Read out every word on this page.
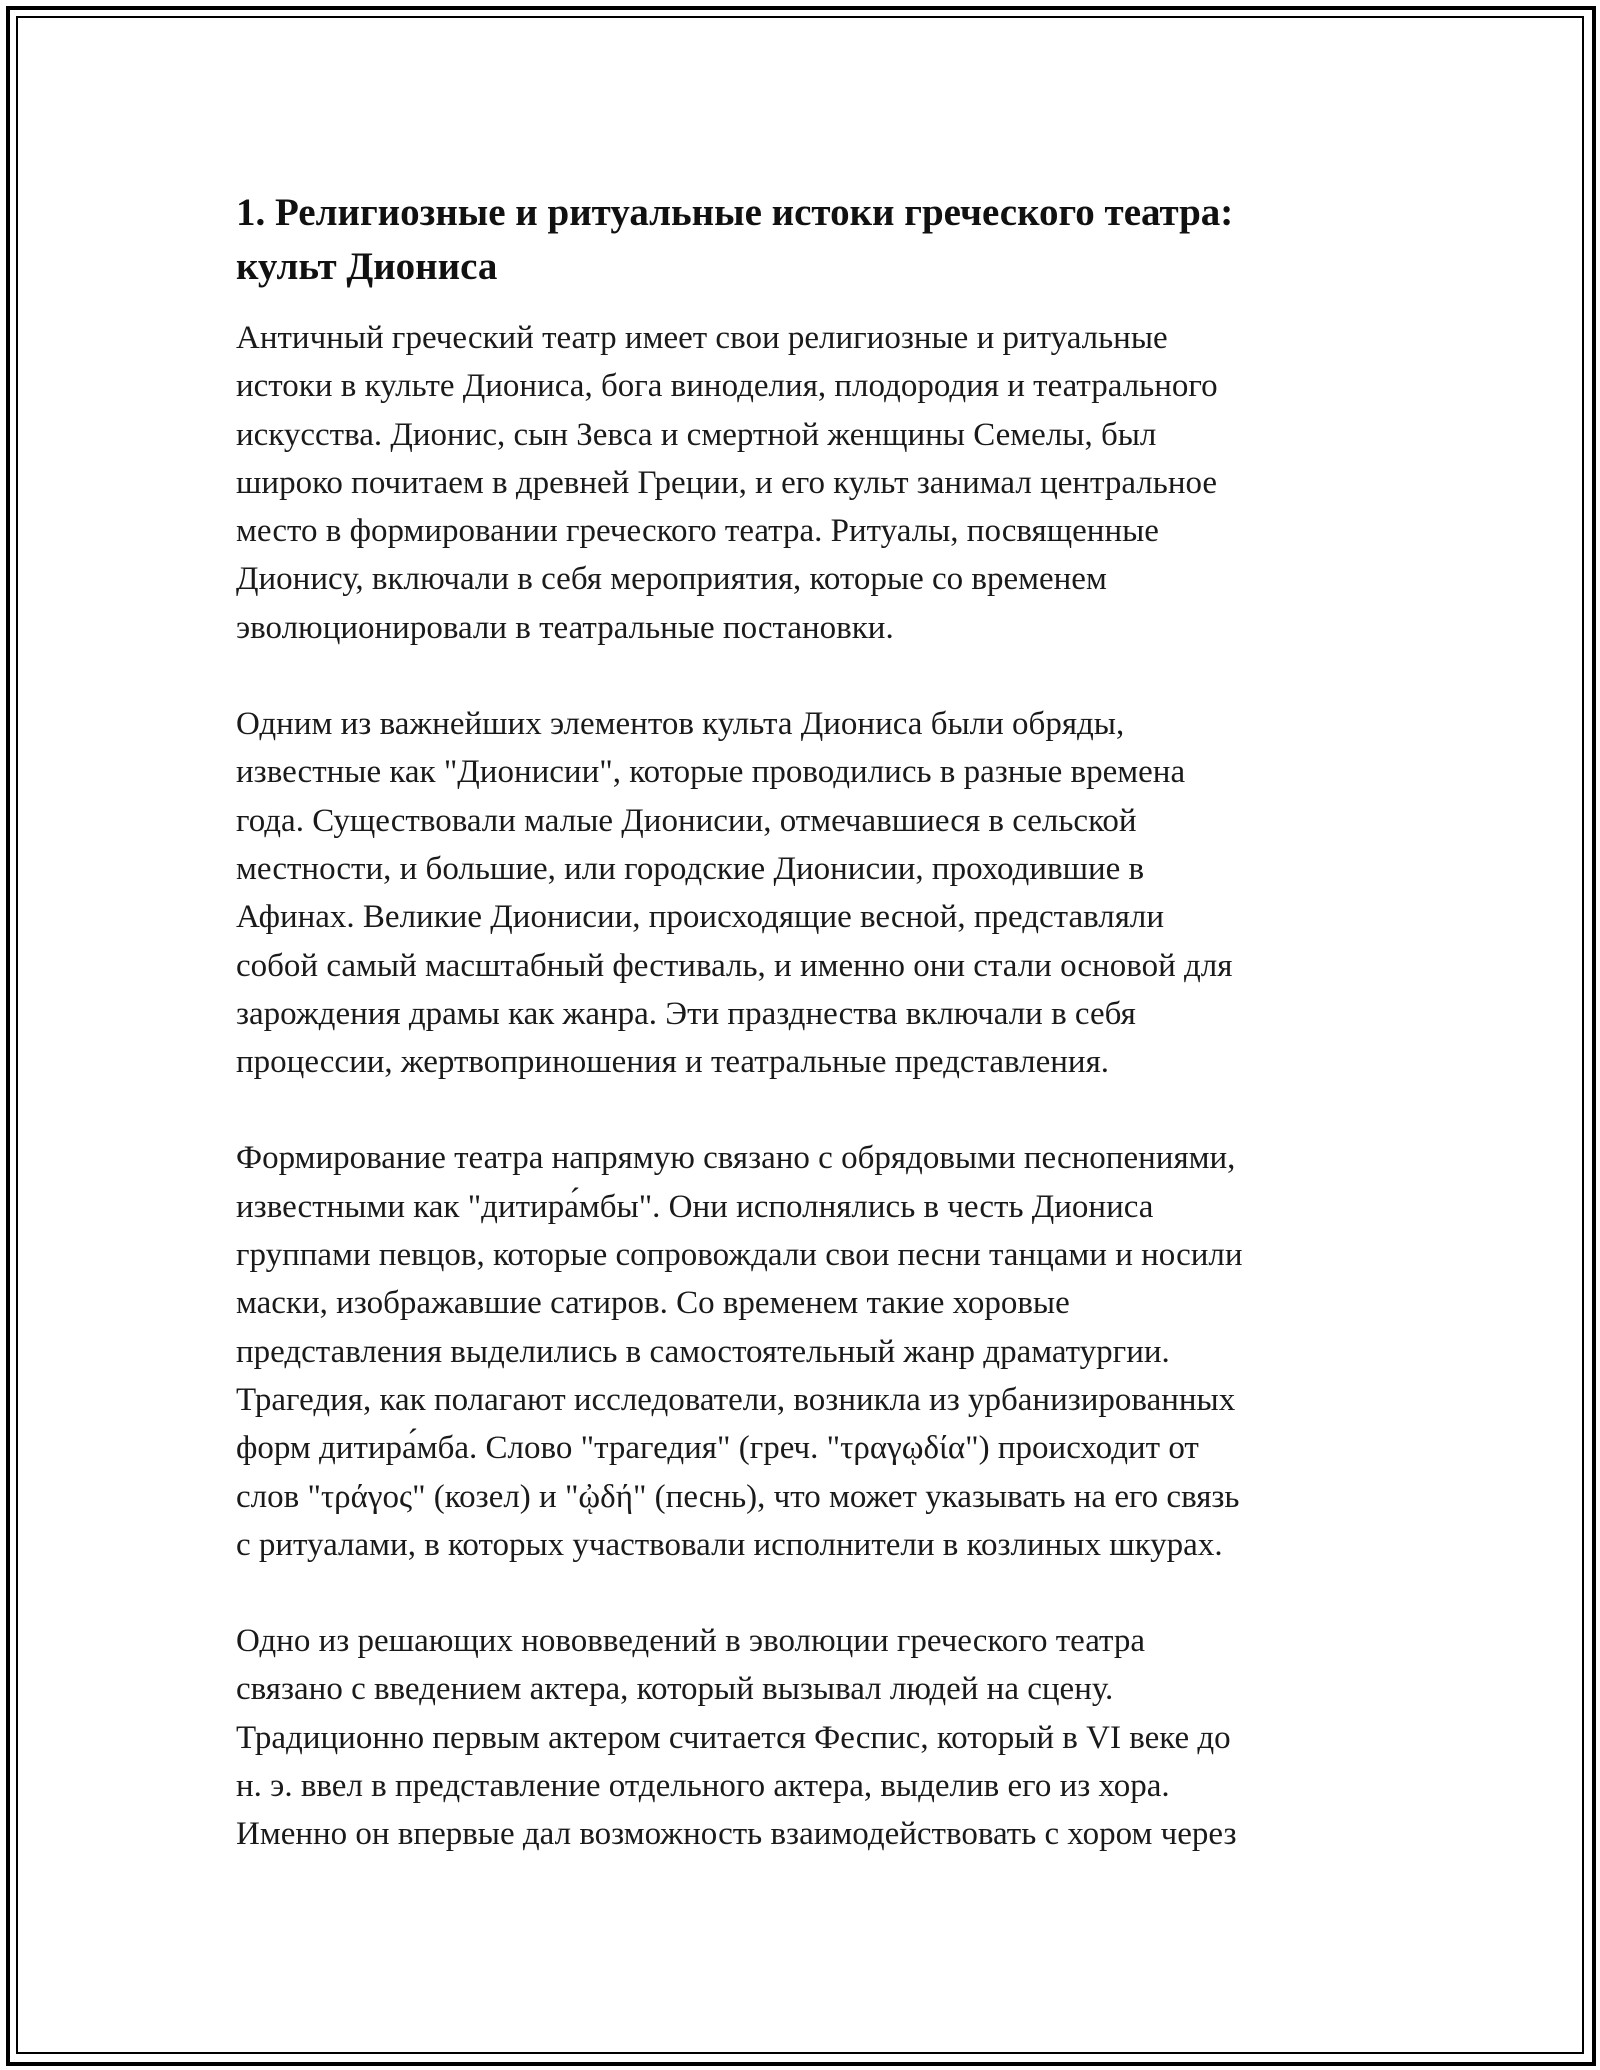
1. Религиозные и ритуальные истоки греческого театра:
культ Диониса

Античный греческий театр имеет свои религиозные и ритуальные
истоки в культе Диониса, бога виноделия, плодородия и театрального
искусства. Дионис, сын Зевса и смертной женщины Семелы, был
широко почитаем в древней Греции, и его культ занимал центральное
место в формировании греческого театра. Ритуалы, посвященные
Дионису, включали в себя мероприятия, которые со временем
эволюционировали в театральные постановки.

Одним из важнейших элементов культа Диониса были обряды,
известные как "Дионисии", которые проводились в разные времена
года. Существовали малые Дионисии, отмечавшиеся в сельской
местности, и большие, или городские Дионисии, проходившие в
Афинах. Великие Дионисии, происходящие весной, представляли
собой самый масштабный фестиваль, и именно они стали основой для
зарождения драмы как жанра. Эти празднества включали в себя
процессии, жертвоприношения и театральные представления.

Формирование театра напрямую связано с обрядовыми песнопениями,
известными как "дитира́мбы". Они исполнялись в честь Диониса
группами певцов, которые сопровождали свои песни танцами и носили
маски, изображавшие сатиров. Со временем такие хоровые
представления выделились в самостоятельный жанр драматургии.
Трагедия, как полагают исследователи, возникла из урбанизированных
форм дитира́мба. Слово "трагедия" (греч. "τραγῳδία") происходит от
слов "τράγος" (козел) и "ᾠδή" (песнь), что может указывать на его связь
с ритуалами, в которых участвовали исполнители в козлиных шкурах.

Одно из решающих нововведений в эволюции греческого театра
связано с введением актера, который вызывал людей на сцену.
Традиционно первым актером считается Феспис, который в VI веке до
н. э. ввел в представление отдельного актера, выделив его из хора.
Именно он впервые дал возможность взаимодействовать с хором через
